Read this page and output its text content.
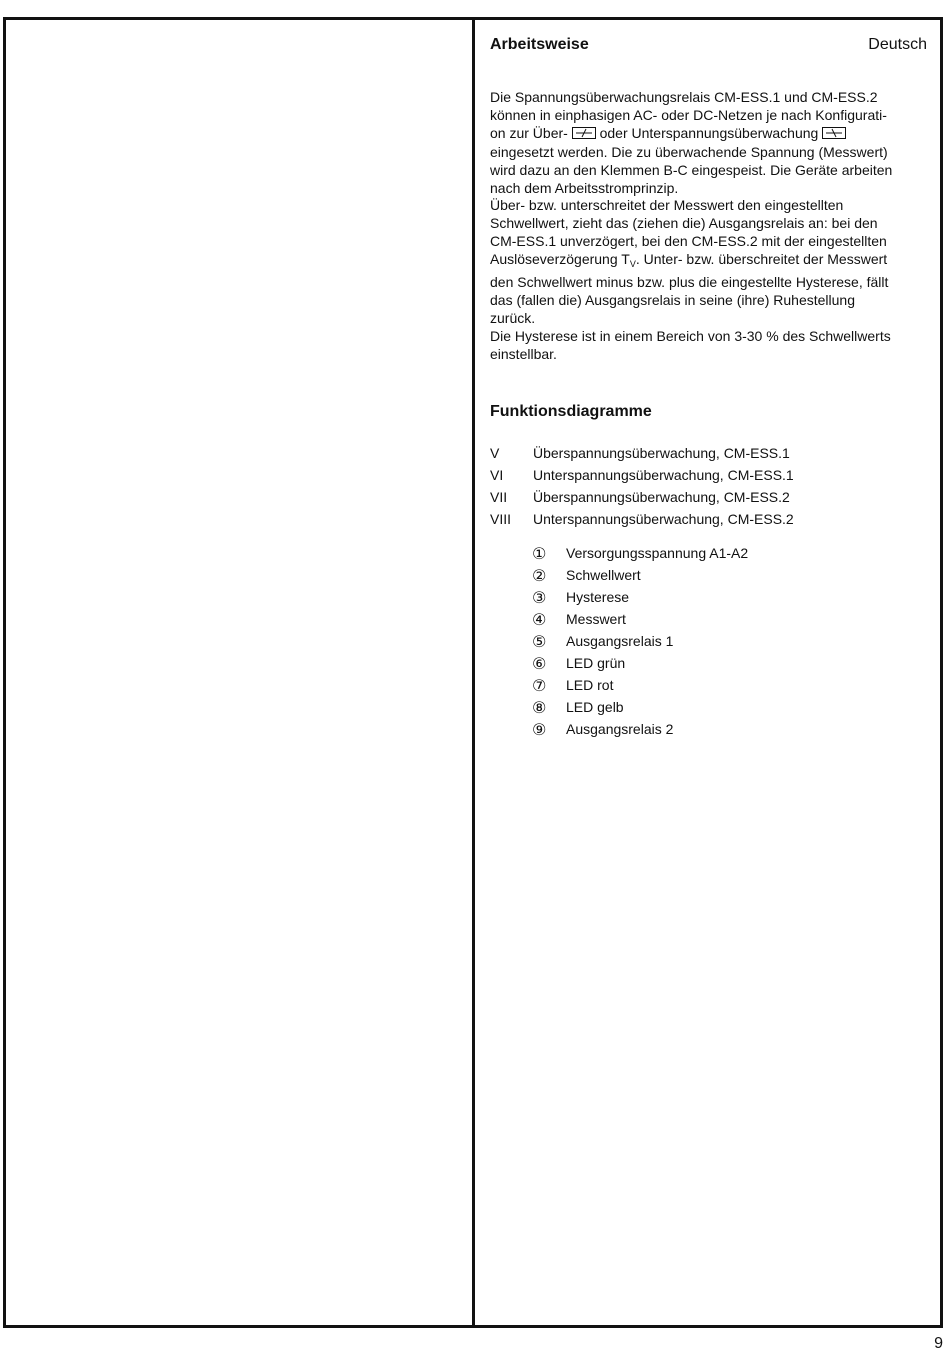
Arbeitsweise	Deutsch

Die Spannungsüberwachungsrelais CM-ESS.1 und CM-ESS.2
können in einphasigen AC- oder DC-Netzen je nach Konfigurati-
on zur Über- oder Unterspannungsüberwachung
eingesetzt werden. Die zu überwachende Spannung (Messwert)
wird dazu an den Klemmen B-C eingespeist. Die Geräte arbeiten
nach dem Arbeitsstromprinzip.

Über- bzw. unterschreitet der Messwert den eingestellten
Schwellwert, zieht das (ziehen die) Ausgangsrelais an: bei den
CM-ESS.1 unverzögert, bei den CM-ESS.2 mit der eingestellten
Auslöseverzögerung $T_V$. Unter- bzw. überschreitet der Messwert
den Schwellwert minus bzw. plus die eingestellte Hysterese, fällt
das (fallen die) Ausgangsrelais in seine (ihre) Ruhestellung
zurück.

Die Hysterese ist in einem Bereich von 3-30 % des Schwellwerts
einstellbar.

Funktionsdiagramme
V	Überspannungsüberwachung, CM-ESS.1
VI	Unterspannungsüberwachung, CM-ESS.1
VII	Überspannungsüberwachung, CM-ESS.2
VIII	Unterspannungsüberwachung, CM-ESS.2
①	Versorgungsspannung A1-A2
②	Schwellwert
③	Hysterese
④	Messwert
⑤	Ausgangsrelais 1
⑥	LED grün
⑦	LED rot
⑧	LED gelb
⑨	Ausgangsrelais 2
9
